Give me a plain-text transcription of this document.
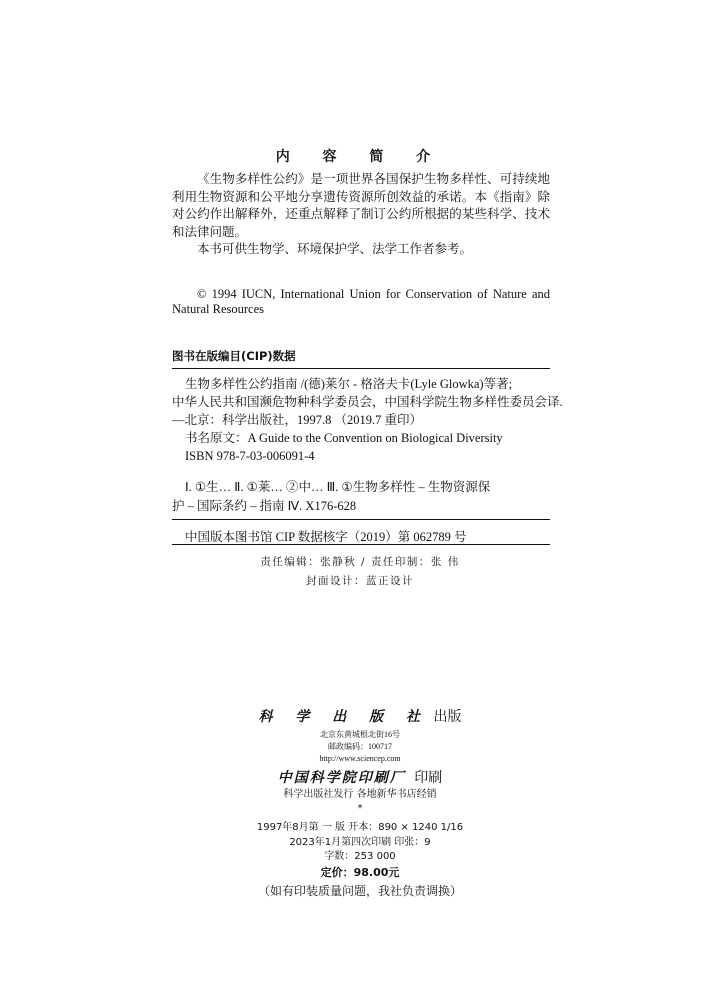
内 容 简 介

《生物多样性公约》是一项世界各国保护生物多样性、可持续地利用生物资源和公平地分享遗传资源所创效益的承诺。本《指南》除对公约作出解释外，还重点解释了制订公约所根据的某些科学、技术和法律问题。

本书可供生物学、环境保护学、法学工作者参考。

© 1994 IUCN, International Union for Conservation of Nature and Natural Resources

图书在版编目(CIP)数据
生物多样性公约指南 /(德)莱尔 - 格洛夫卡(Lyle Glowka)等著;
中华人民共和国濒危物种科学委员会，中国科学院生物多样性委员会译.
—北京：科学出版社，1997.8 （2019.7 重印）
书名原文：A Guide to the Convention on Biological Diversity
ISBN 978-7-03-006091-4
Ⅰ. ①生… Ⅱ. ①莱… ②中… Ⅲ. ①生物多样性 – 生物资源保
护 – 国际条约 – 指南 Ⅳ. X176-628
中国版本图书馆 CIP 数据核字（2019）第 062789 号
责任编辑：张静秋 / 责任印制：张 伟
封面设计：蓝正设计
科 学 出 版 社 出版
北京东黄城根北街16号
邮政编码：100717
http://www.sciencep.com
中国科学院印刷厂 印刷
科学出版社发行 各地新华书店经销
*
1997年8月第 一 版 开本：890 × 1240 1/16
2023年1月第四次印刷 印张：9
字数：253 000
定价：98.00元
（如有印装质量问题，我社负责调换）
